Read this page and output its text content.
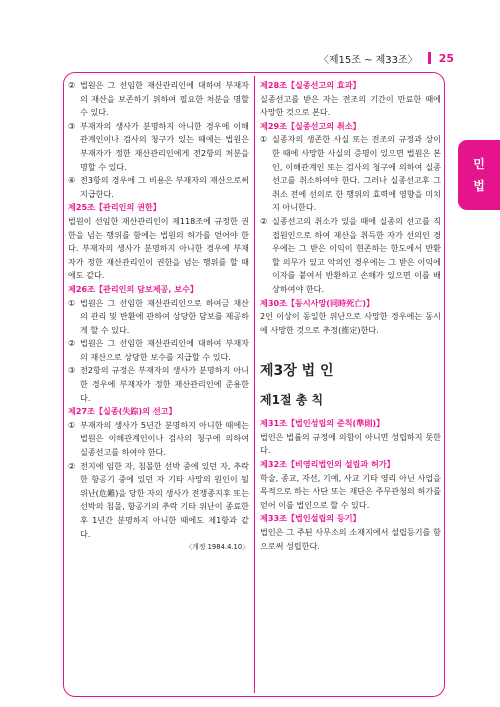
〈제15조 ~ 제33조〉 25
민
법
② 법원은 그 선임한 재산관리인에 대하여 부재자의 재산을 보존하기 위하여 필요한 처분을 명할 수 있다.
③ 부재자의 생사가 분명하지 아니한 경우에 이해관계인이나 검사의 청구가 있는 때에는 법원은 부재자가 정한 재산관리인에게 전2항의 처분을 명할 수 있다.
④ 전3항의 경우에 그 비용은 부재자의 재산으로써 지급한다.
제25조【관리인의 권한】
법원이 선임한 재산관리인이 제118조에 규정한 권한을 넘는 행위를 함에는 법원의 허가를 얻어야 한다. 부재자의 생사가 분명하지 아니한 경우에 부재자가 정한 재산관리인이 권한을 넘는 행위를 할 때에도 같다.
제26조【관리인의 담보제공, 보수】
① 법원은 그 선임한 재산관리인으로 하여금 재산의 관리 및 반환에 관하여 상당한 담보를 제공하게 할 수 있다.
② 법원은 그 선임한 재산관리인에 대하여 부재자의 재산으로 상당한 보수를 지급할 수 있다.
③ 전2항의 규정은 부재자의 생사가 분명하지 아니한 경우에 부재자가 정한 재산관리인에 준용한다.
제27조【실종(失踪)의 선고】
① 부재자의 생사가 5년간 분명하지 아니한 때에는 법원은 이해관계인이나 검사의 청구에 의하여 실종선고를 하여야 한다.
② 전지에 임한 자, 침몰한 선박 중에 있던 자, 추락한 항공기 중에 있던 자 기타 사망의 원인이 될 위난(危難)을 당한 자의 생사가 전쟁종지후 또는 선박의 침몰, 항공기의 추락 기타 위난이 종료한 후 1년간 분명하지 아니한 때에도 제1항과 같다.
〈개정 1984.4.10〉
제28조【실종선고의 효과】
실종선고를 받은 자는 전조의 기간이 만료한 때에 사망한 것으로 본다.
제29조【실종선고의 취소】
① 실종자의 생존한 사실 또는 전조의 규정과 상이한 때에 사망한 사실의 증명이 있으면 법원은 본인, 이해관계인 또는 검사의 청구에 의하여 실종선고를 취소하여야 한다. 그러나 실종선고후 그 취소 전에 선의로 한 행위의 효력에 영향을 미치지 아니한다.
② 실종선고의 취소가 있을 때에 실종의 선고를 직접원인으로 하여 재산을 취득한 자가 선의인 경우에는 그 받은 이익이 현존하는 한도에서 반환할 의무가 있고 악의인 경우에는 그 받은 이익에 이자를 붙여서 반환하고 손해가 있으면 이를 배상하여야 한다.
제30조【동시사망(同時死亡)】
2인 이상이 동일한 위난으로 사망한 경우에는 동시에 사망한 것으로 추정(推定)한다.
제3장 법 인
제1절 총 칙
제31조【법인성립의 준칙(準則)】
법인은 법률의 규정에 의함이 아니면 성립하지 못한다.
제32조【비영리법인의 설립과 허가】
학술, 종교, 자선, 기예, 사교 기타 영리 아닌 사업을 목적으로 하는 사단 또는 재단은 주무관청의 허가를 얻어 이를 법인으로 할 수 있다.
제33조【법인설립의 등기】
법인은 그 주된 사무소의 소재지에서 설립등기를 함으로써 성립한다.
